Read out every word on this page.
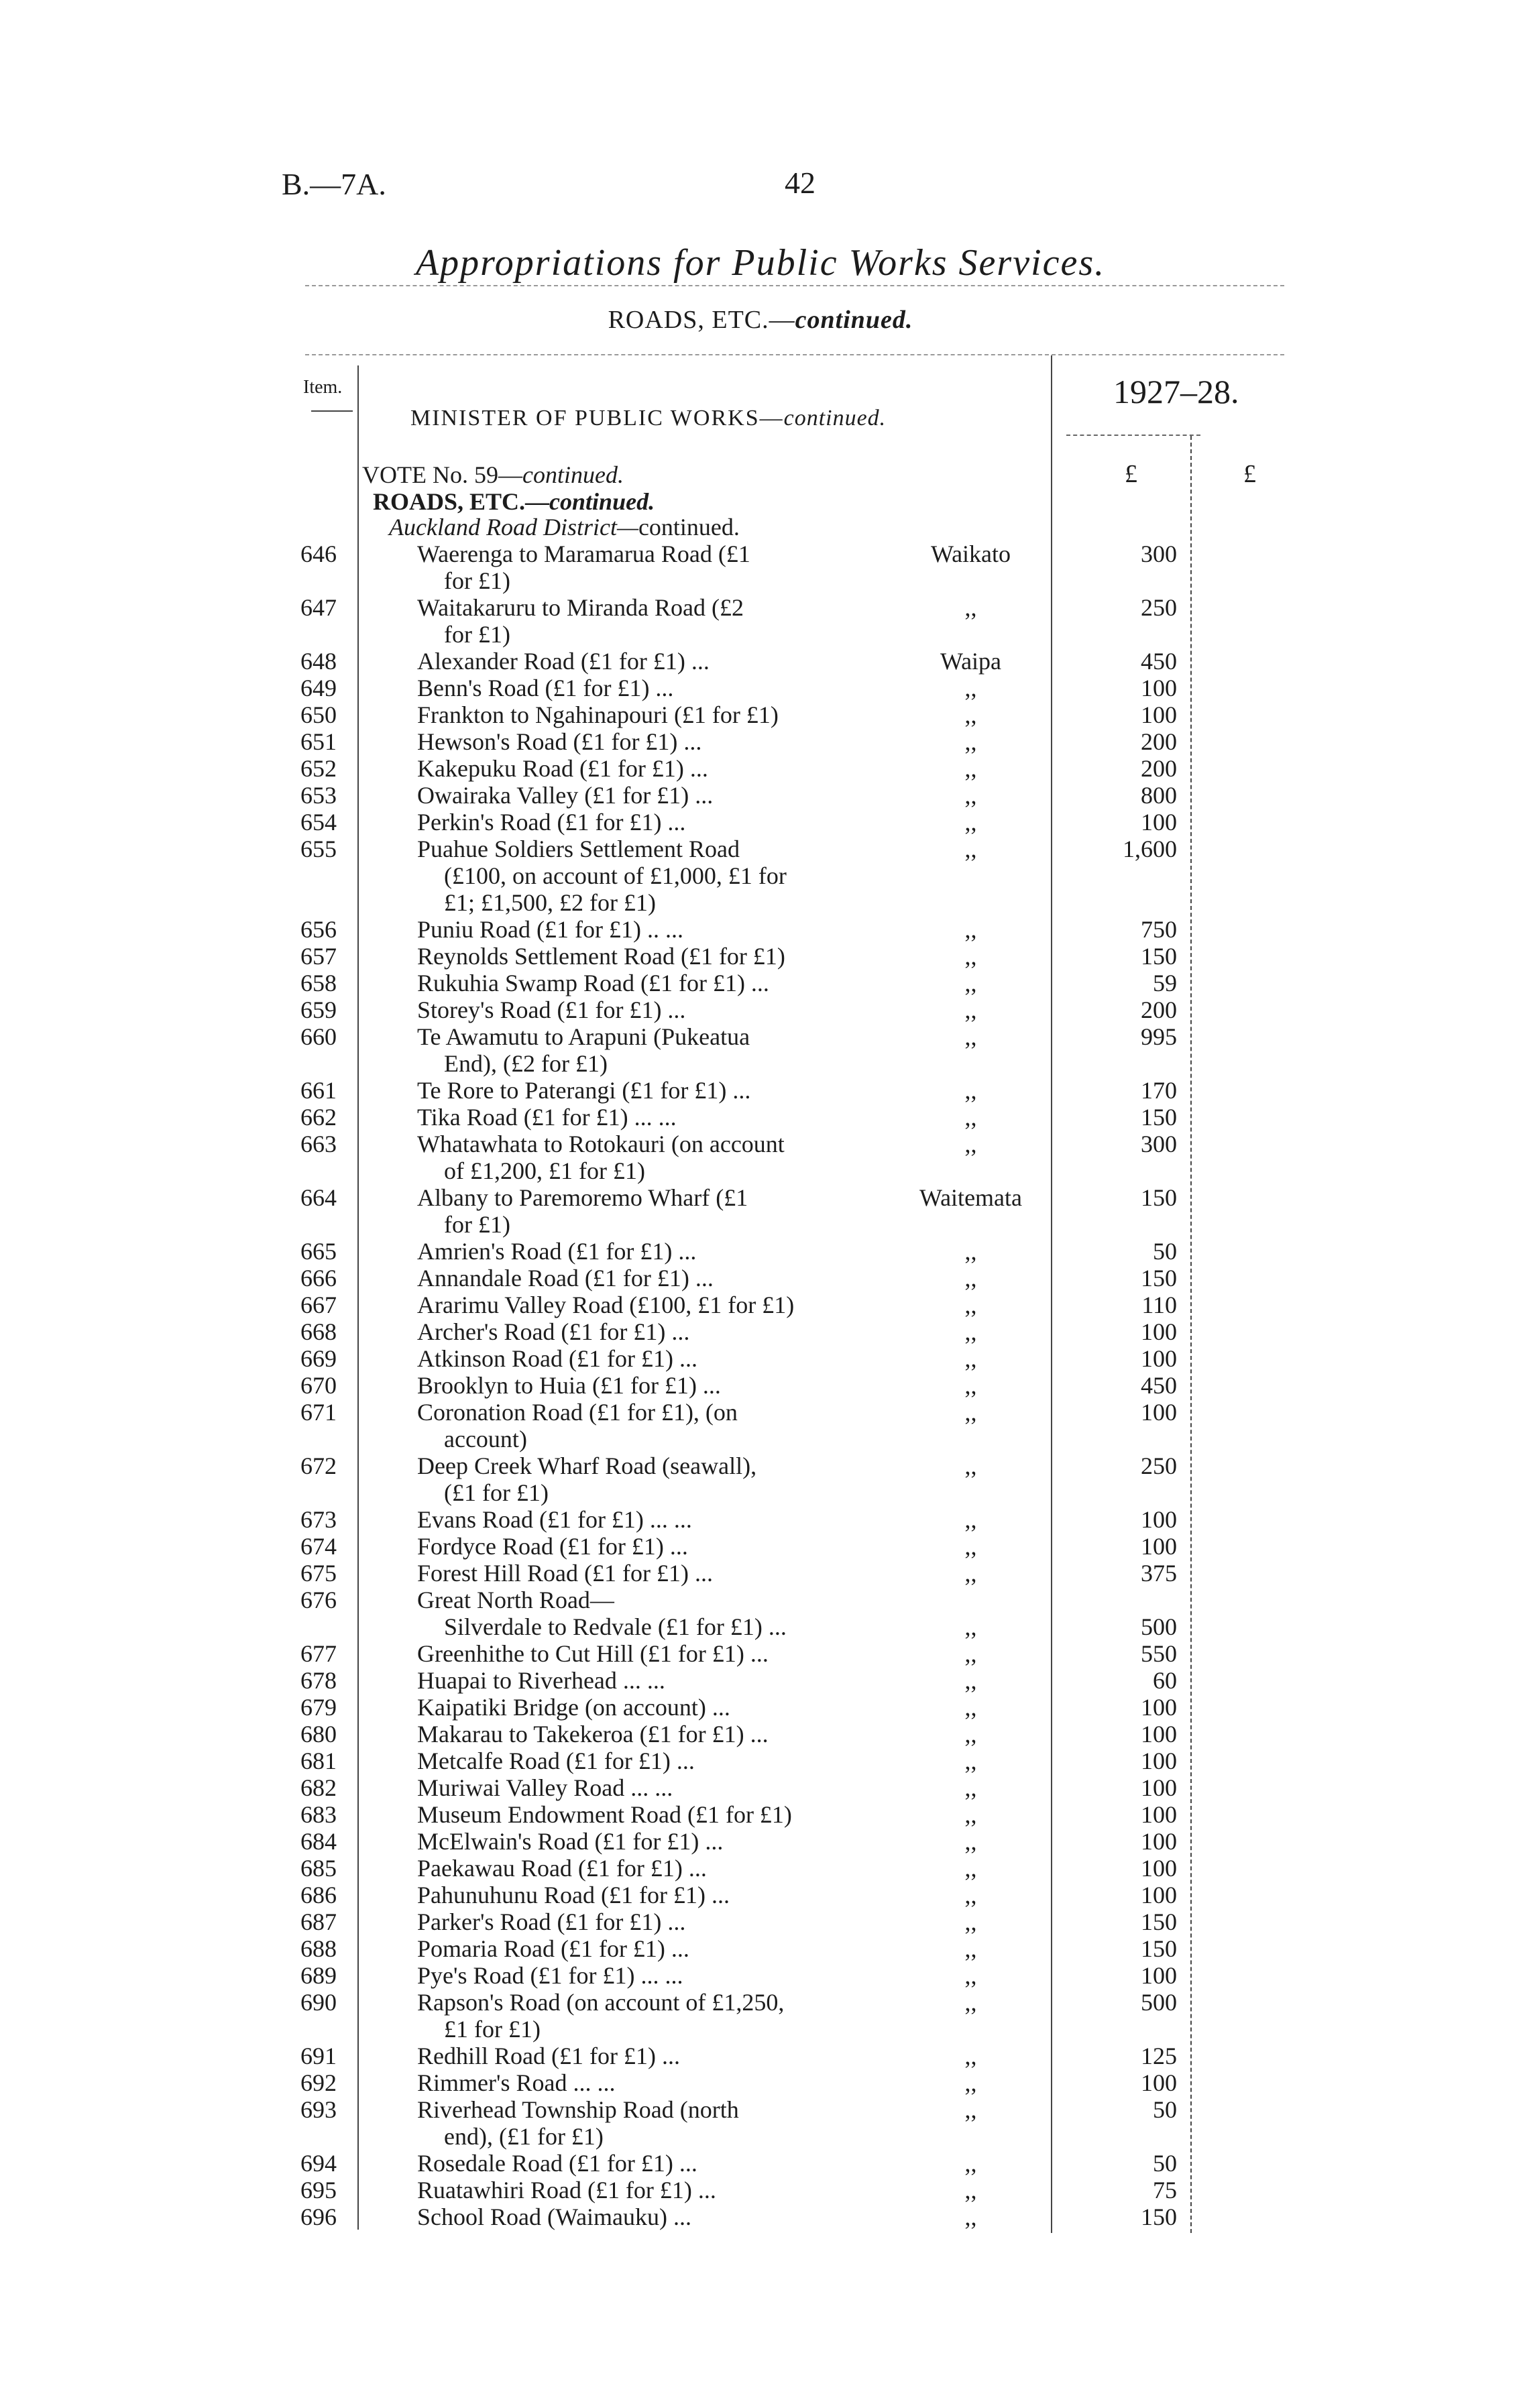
B.—7A.	42
Appropriations for Public Works Services.
ROADS, ETC.—continued.
Item.
MINISTER OF PUBLIC WORKS—continued.
1927–28.
£	£
VOTE No. 59—continued.
ROADS, ETC.—continued.
Auckland Road District—continued.
646	Waerenga to Maramarua Road (£1
for £1)
Waikato	300
647	Waitakaruru to Miranda Road (£2
for £1)
,,	250
648	Alexander Road (£1 for £1) ...	Waipa	450
649	Benn's Road (£1 for £1) ...	,,	100
650	Frankton to Ngahinapouri (£1 for £1)	,,	100
651	Hewson's Road (£1 for £1) ...	,,	200
652	Kakepuku Road (£1 for £1) ...	,,	200
653	Owairaka Valley (£1 for £1) ...	,,	800
654	Perkin's Road (£1 for £1) ...	,,	100
655	Puahue Soldiers Settlement Road
(£100, on account of £1,000, £1 for
£1; £1,500, £2 for £1)
,,	1,600
656	Puniu Road (£1 for £1) .. ...	,,	750
657	Reynolds Settlement Road (£1 for £1)	,,	150
658	Rukuhia Swamp Road (£1 for £1) ...	,,	59
659	Storey's Road (£1 for £1) ...	,,	200
660	Te Awamutu to Arapuni (Pukeatua
End), (£2 for £1)
,,	995
661	Te Rore to Paterangi (£1 for £1) ...	,,	170
662	Tika Road (£1 for £1) ... ...	,,	150
663	Whatawhata to Rotokauri (on account
of £1,200, £1 for £1)
,,	300
664	Albany to Paremoremo Wharf (£1
for £1)
Waitemata	150
665	Amrien's Road (£1 for £1) ...	,,	50
666	Annandale Road (£1 for £1) ...	,,	150
667	Ararimu Valley Road (£100, £1 for £1)	,,	110
668	Archer's Road (£1 for £1) ...	,,	100
669	Atkinson Road (£1 for £1) ...	,,	100
670	Brooklyn to Huia (£1 for £1) ...	,,	450
671	Coronation Road (£1 for £1), (on
account)
,,	100
672	Deep Creek Wharf Road (seawall),
(£1 for £1)
,,	250
673	Evans Road (£1 for £1) ... ...	,,	100
674	Fordyce Road (£1 for £1) ...	,,	100
675	Forest Hill Road (£1 for £1) ...	,,	375
676	Great North Road—
Silverdale to Redvale (£1 for £1) ...	,,	500
677	Greenhithe to Cut Hill (£1 for £1) ...	,,	550
678	Huapai to Riverhead ... ...	,,	60
679	Kaipatiki Bridge (on account) ...	,,	100
680	Makarau to Takekeroa (£1 for £1) ...	,,	100
681	Metcalfe Road (£1 for £1) ...	,,	100
682	Muriwai Valley Road ... ...	,,	100
683	Museum Endowment Road (£1 for £1)	,,	100
684	McElwain's Road (£1 for £1) ...	,,	100
685	Paekawau Road (£1 for £1) ...	,,	100
686	Pahunuhunu Road (£1 for £1) ...	,,	100
687	Parker's Road (£1 for £1) ...	,,	150
688	Pomaria Road (£1 for £1) ...	,,	150
689	Pye's Road (£1 for £1) ... ...	,,	100
690	Rapson's Road (on account of £1,250,
£1 for £1)
,,	500
691	Redhill Road (£1 for £1) ...	,,	125
692	Rimmer's Road ... ...	,,	100
693	Riverhead Township Road (north
end), (£1 for £1)
,,	50
694	Rosedale Road (£1 for £1) ...	,,	50
695	Ruatawhiri Road (£1 for £1) ...	,,	75
696	School Road (Waimauku) ...	,,	150
